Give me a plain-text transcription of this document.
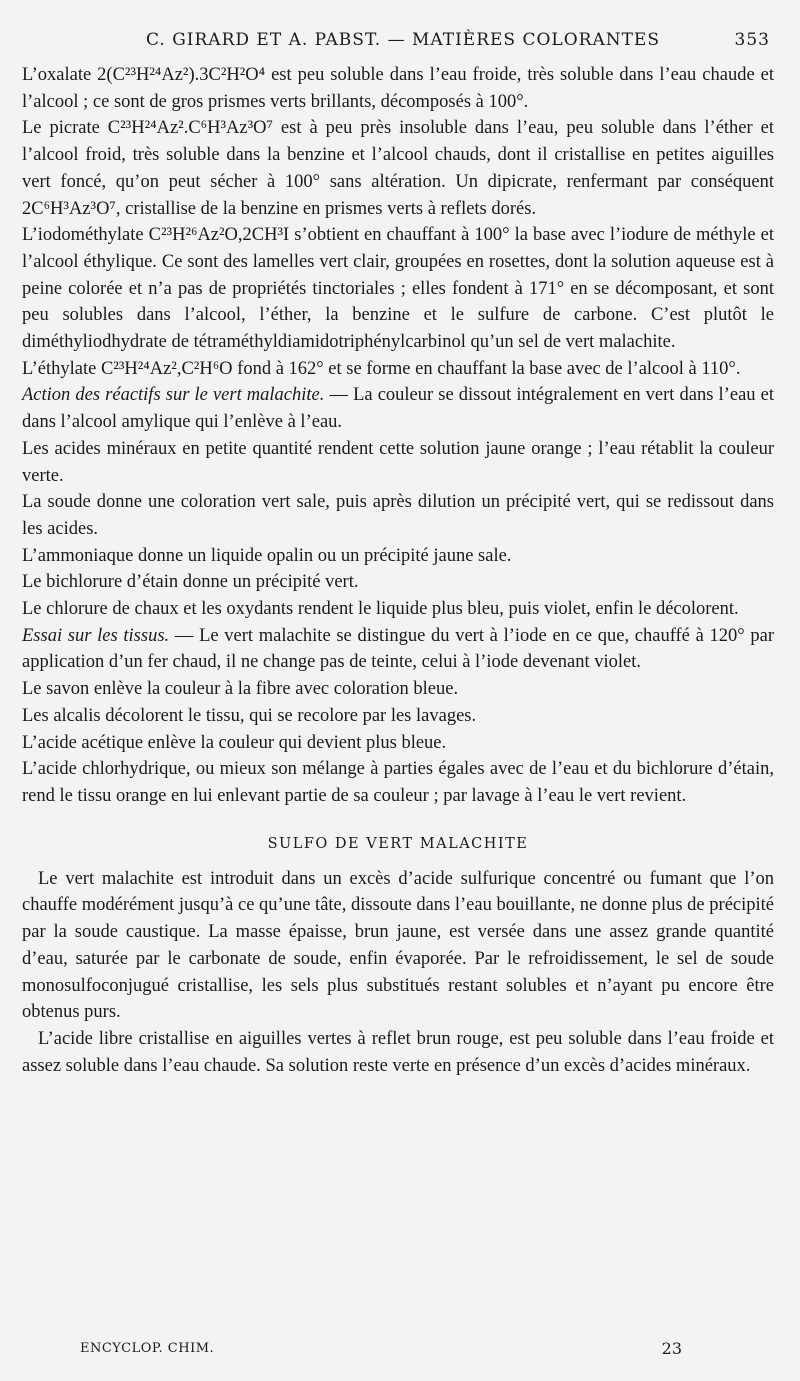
C. GIRARD ET A. PABST. — MATIÈRES COLORANTES	353

L’oxalate 2(C²³H²⁴Az²).3C²H²O⁴ est peu soluble dans l’eau froide, très soluble dans l’eau chaude et l’alcool ; ce sont de gros prismes verts brillants, décomposés à 100°.

Le picrate C²³H²⁴Az².C⁶H³Az³O⁷ est à peu près insoluble dans l’eau, peu soluble dans l’éther et l’alcool froid, très soluble dans la benzine et l’alcool chauds, dont il cristallise en petites aiguilles vert foncé, qu’on peut sécher à 100° sans altération. Un dipicrate, renfermant par conséquent 2C⁶H³Az³O⁷, cristallise de la benzine en prismes verts à reflets dorés.

L’iodométhylate C²³H²⁶Az²O,2CH³I s’obtient en chauffant à 100° la base avec l’iodure de méthyle et l’alcool éthylique. Ce sont des lamelles vert clair, groupées en rosettes, dont la solution aqueuse est à peine colorée et n’a pas de propriétés tinctoriales ; elles fondent à 171° en se décomposant, et sont peu solubles dans l’alcool, l’éther, la benzine et le sulfure de carbone. C’est plutôt le diméthyliodhydrate de tétraméthyldiamidotriphénylcarbinol qu’un sel de vert malachite.

L’éthylate C²³H²⁴Az²,C²H⁶O fond à 162° et se forme en chauffant la base avec de l’alcool à 110°.

Action des réactifs sur le vert malachite. — La couleur se dissout intégralement en vert dans l’eau et dans l’alcool amylique qui l’enlève à l’eau.

Les acides minéraux en petite quantité rendent cette solution jaune orange ; l’eau rétablit la couleur verte.

La soude donne une coloration vert sale, puis après dilution un précipité vert, qui se redissout dans les acides.

L’ammoniaque donne un liquide opalin ou un précipité jaune sale.

Le bichlorure d’étain donne un précipité vert.

Le chlorure de chaux et les oxydants rendent le liquide plus bleu, puis violet, enfin le décolorent.

Essai sur les tissus. — Le vert malachite se distingue du vert à l’iode en ce que, chauffé à 120° par application d’un fer chaud, il ne change pas de teinte, celui à l’iode devenant violet.

Le savon enlève la couleur à la fibre avec coloration bleue.

Les alcalis décolorent le tissu, qui se recolore par les lavages.

L’acide acétique enlève la couleur qui devient plus bleue.

L’acide chlorhydrique, ou mieux son mélange à parties égales avec de l’eau et du bichlorure d’étain, rend le tissu orange en lui enlevant partie de sa couleur ; par lavage à l’eau le vert revient.

SULFO DE VERT MALACHITE

Le vert malachite est introduit dans un excès d’acide sulfurique concentré ou fumant que l’on chauffe modérément jusqu’à ce qu’une tâte, dissoute dans l’eau bouillante, ne donne plus de précipité par la soude caustique. La masse épaisse, brun jaune, est versée dans une assez grande quantité d’eau, saturée par le carbonate de soude, enfin évaporée. Par le refroidissement, le sel de soude monosulfoconjugué cristallise, les sels plus substitués restant solubles et n’ayant pu encore être obtenus purs.

L’acide libre cristallise en aiguilles vertes à reflet brun rouge, est peu soluble dans l’eau froide et assez soluble dans l’eau chaude. Sa solution reste verte en présence d’un excès d’acides minéraux.

ENCYCLOP. CHIM.	23
